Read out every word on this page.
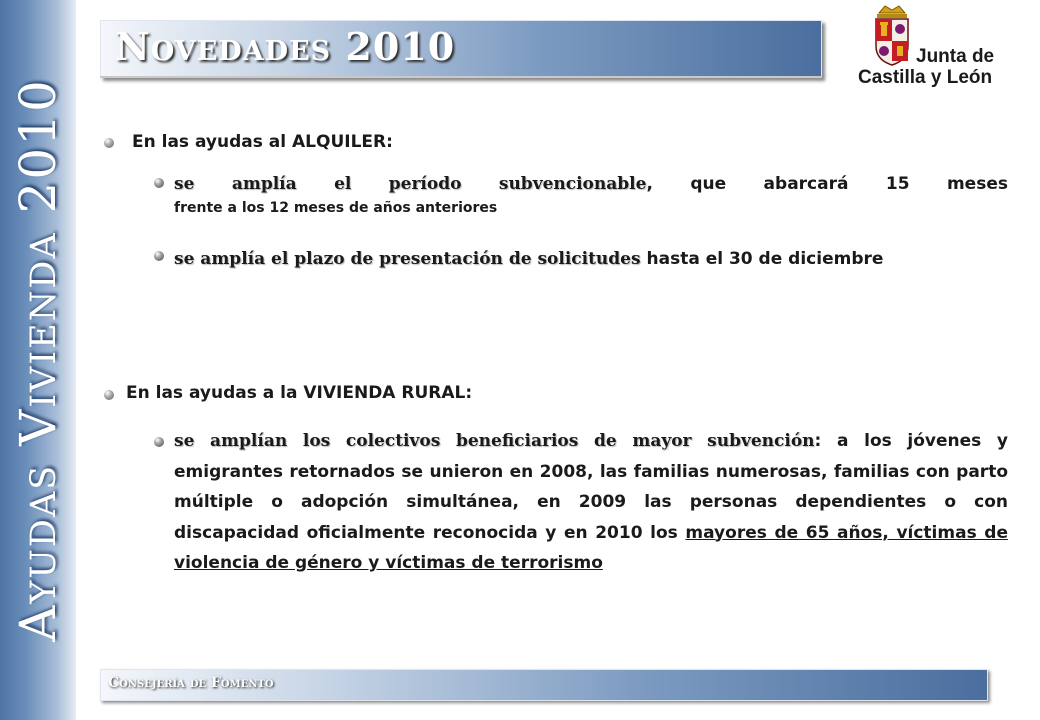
Ayudas Vivienda 2010
Novedades 2010	Junta de
Castilla y León
En las ayudas al ALQUILER:
se amplía el período subvencionable, que abarcará 15 meses
frente a los 12 meses de años anteriores
se amplía el plazo de presentación de solicitudes hasta el 30 de diciembre
En las ayudas a la VIVIENDA RURAL:
se amplían los colectivos beneficiarios de mayor subvención: a los jóvenes y emigrantes retornados se unieron en 2008, las familias numerosas, familias con parto múltiple o adopción simultánea, en 2009 las personas dependientes o con discapacidad oficialmente reconocida y en 2010 los mayores de 65 años, víctimas de violencia de género y víctimas de terrorismo
Consejería de Fomento
